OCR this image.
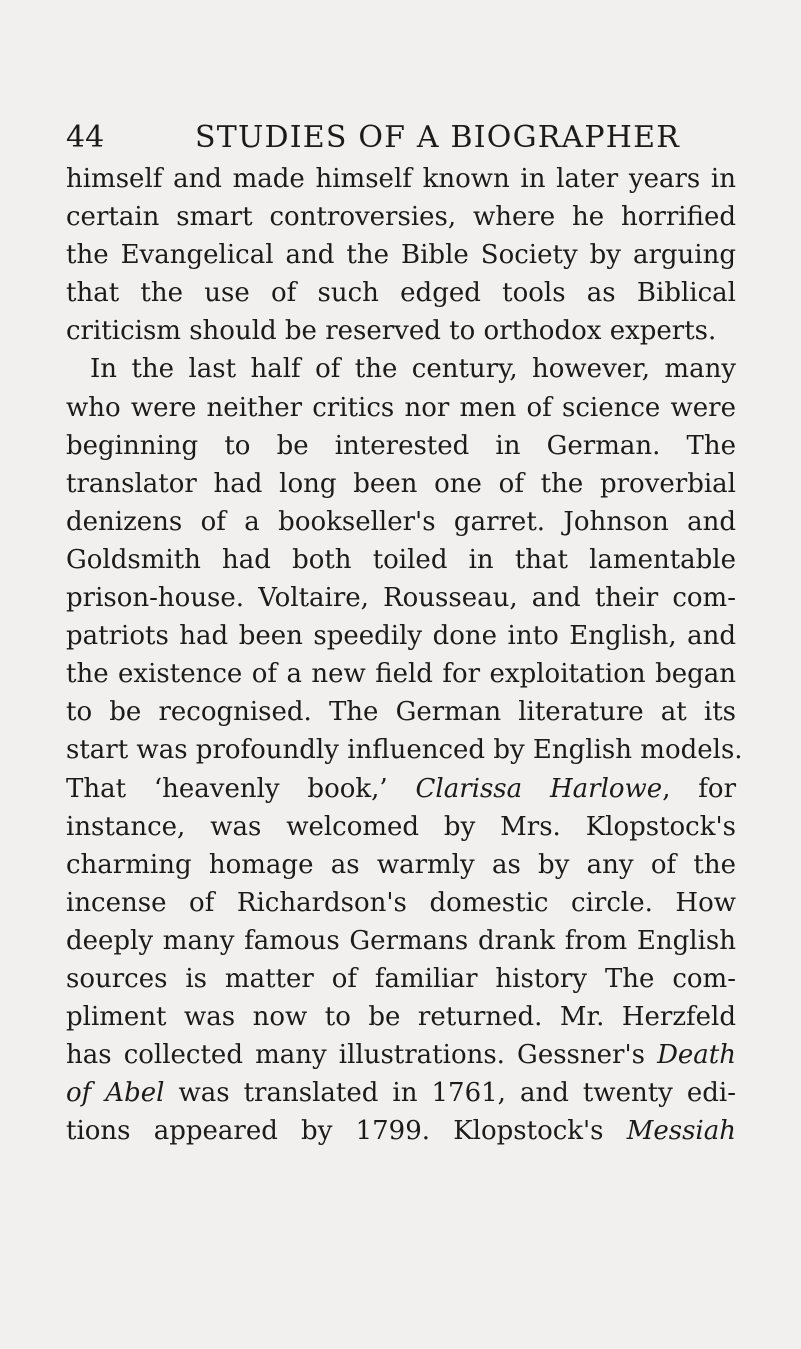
44	STUDIES OF A BIOGRAPHER
himself and made himself known in later years in
certain smart controversies, where he horrified
the Evangelical and the Bible Society by arguing
that the use of such edged tools as Biblical
criticism should be reserved to orthodox experts.
In the last half of the century, however, many
who were neither critics nor men of science were
beginning to be interested in German. The
translator had long been one of the proverbial
denizens of a bookseller's garret. Johnson and
Goldsmith had both toiled in that lamentable
prison-house. Voltaire, Rousseau, and their com-
patriots had been speedily done into English, and
the existence of a new field for exploitation began
to be recognised. The German literature at its
start was profoundly influenced by English models.
That ‘heavenly book,’ Clarissa Harlowe, for
instance, was welcomed by Mrs. Klopstock's
charming homage as warmly as by any of the
incense of Richardson's domestic circle. How
deeply many famous Germans drank from English
sources is matter of familiar history The com-
pliment was now to be returned. Mr. Herzfeld
has collected many illustrations. Gessner's Death
of Abel was translated in 1761, and twenty edi-
tions appeared by 1799. Klopstock's Messiah
